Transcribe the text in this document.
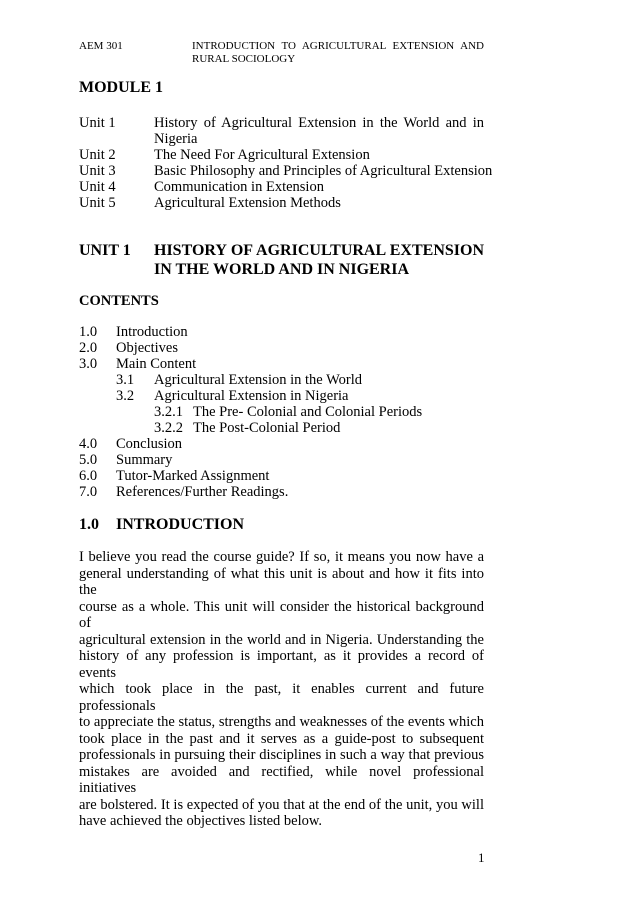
AEM 301	INTRODUCTION TO AGRICULTURAL EXTENSION AND
RURAL SOCIOLOGY
MODULE 1
Unit 1	History of Agricultural Extension in the World and in
Nigeria
Unit 2	The Need For Agricultural Extension
Unit 3	Basic Philosophy and Principles of Agricultural Extension
Unit 4	Communication in Extension
Unit 5	Agricultural Extension Methods
UNIT 1 HISTORY OF AGRICULTURAL EXTENSION
IN THE WORLD AND IN NIGERIA
CONTENTS
1.0 Introduction
2.0 Objectives
3.0 Main Content
3.1 Agricultural Extension in the World
3.2 Agricultural Extension in Nigeria
3.2.1 The Pre- Colonial and Colonial Periods
3.2.2 The Post-Colonial Period
4.0 Conclusion
5.0 Summary
6.0 Tutor-Marked Assignment
7.0 References/Further Readings.
1.0 INTRODUCTION
I believe you read the course guide? If so, it means you now have a
general understanding of what this unit is about and how it fits into the
course as a whole. This unit will consider the historical background of
agricultural extension in the world and in Nigeria. Understanding the
history of any profession is important, as it provides a record of events
which took place in the past, it enables current and future professionals
to appreciate the status, strengths and weaknesses of the events which
took place in the past and it serves as a guide-post to subsequent
professionals in pursuing their disciplines in such a way that previous
mistakes are avoided and rectified, while novel professional initiatives
are bolstered. It is expected of you that at the end of the unit, you will
have achieved the objectives listed below.
1
